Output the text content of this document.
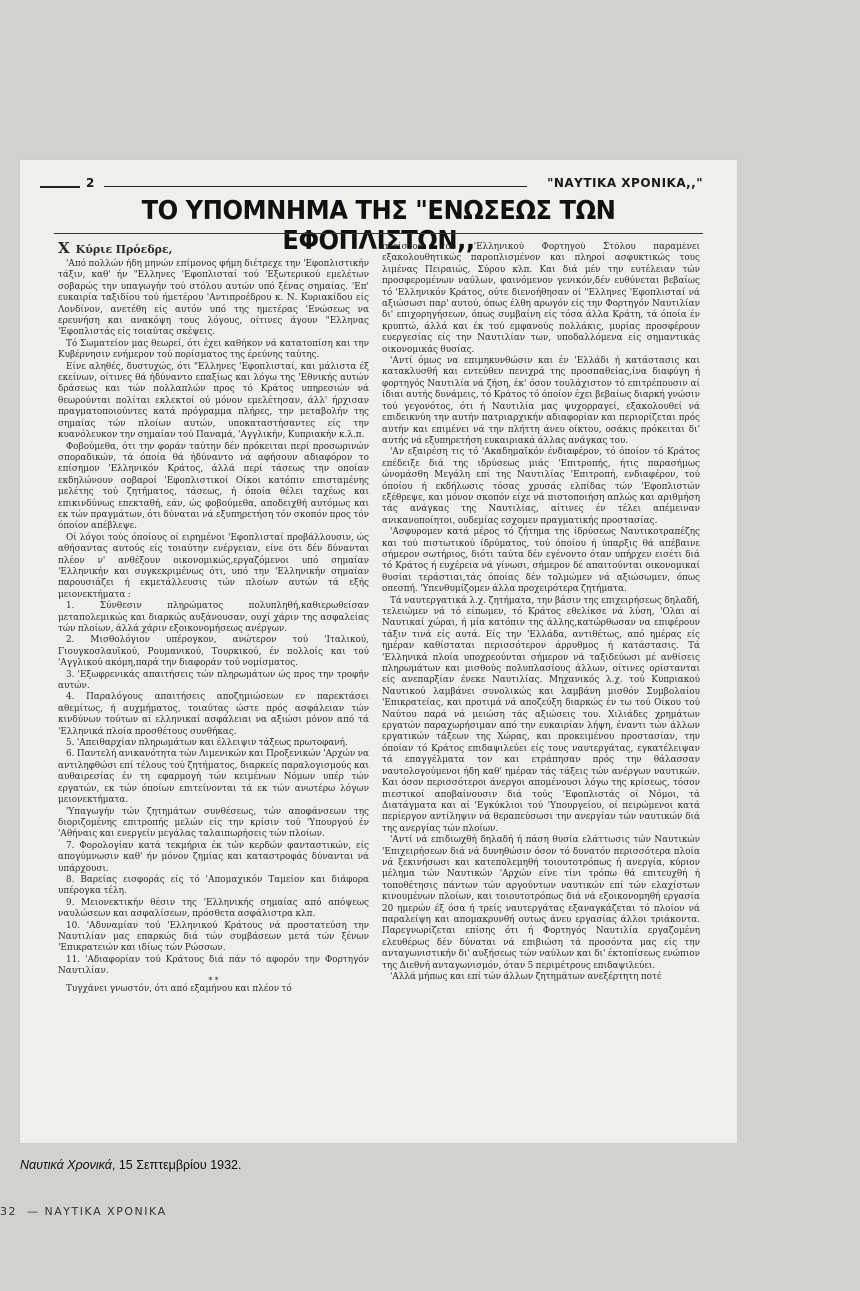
2	"ΝΑΥΤΙΚΑ ΧΡΟΝΙΚΑ,,"
ΤΟ ΥΠΟΜΝΗΜΑ ΤΗΣ "ΕΝΩΣΕΩΣ ΤΩΝ ΕΦΟΠΛΙΣΤΩΝ,,

X Κύριε Πρόεδρε,

'Από πολλών ήδη μηνών επίμονος φήμη διέτρεχε την 'Εφοπλιστικήν τάξιν, καθ' ήν "Ελληνες 'Εφοπλισταί τού 'Εξωτερικού εμελέτων σοβαρώς την υπαγωγήν τού στόλου αυτών υπό ξένας σημαίας. 'Επ' ευκαιρία ταξιδίου τού ήμετέρου 'Αντιπροέδρου κ. Ν. Κυριακίδου είς Λονδίνον, ανετέθη είς αυτόν υπό της ημετέρας 'Ενώσεως να ερευνήση και ανακόψη τους λόγους, οίτινες άγουν "Ελληνας 'Εφοπλιστάς είς τοιαύτας σκέψεις.

Τό Σωματείον μας θεωρεί, ότι έχει καθήκον νά κατατοπίση και την Κυβέρνησιν ενήμερον τού πορίσματος της έρεύνης ταύτης.

Είνε αληθές, δυστυχώς, ότι "Ελληνες 'Εφοπλισταί, και μάλιστα έξ εκείνων, οίτινες θά ήδύναντο επαξίως και λόγω της 'Εθνικής αυτών δράσεως και τών πολλαπλών προς τό Κράτος υπηρεσιών νά θεωρούνται πολίται εκλεκτοί ού μόνον εμελέτησαν, άλλ' ήρχισαν πραγματοποιούντες κατά πρόγραμμα πλήρες, την μεταβολήν της σημαίας τών πλοίων αυτών, υποκαταστήσαντες είς την κυανόλευκον την σημαίαν τού Παναμά, 'Αγγλικήν, Κυπριακήν κ.λ.π.

Φοβούμεθα, ότι την φοράν ταύτην δέν πρόκειται περί προσωρινών σποραδικών, τά όποία θά ήδύναντο νά αφήσουν αδιαφόρον το επίσημον 'Ελληνικόν Κράτος, άλλά περί τάσεως την οποίαν εκδηλώνουν σοβαροί 'Εφοπλιστικοί Οίκοι κατόπιν επισταμένης μελέτης τού ζητήματος, τάσεως, ή όποία θέλει ταχέως και επικινδύνως επεκταθή, εάν, ώς φοβούμεθα, αποδειχθή αυτόμως και εκ τών πραγμάτων, ότι δύναται νά εξυπηρετήση τόν σκοπόν προς τόν όποίον απέβλεψε.

Οί λόγοι τούς όποίους οί ειρημένοι 'Εφοπλισταί προβάλλουσιν, ώς αθήσαντας αυτούς είς τοιαύτην ενέργειαν, είνε ότι δέν δύνανται πλέον ν' ανθέξουν οικονομικώς,εργαζόμενοι υπό σημαίαν 'Ελληνικήν και συγκεκριμένως ότι, υπό την 'Ελληνικήν σημαίαν παρουσιάζει ή εκμετάλλευσις τών πλοίων αυτών τά εξής μειονεκτήματα :

1. Σύνθεσιν πληρώματος πολυπληθή,καθιερωθείσαν μεταπολεμικώς και διαρκώς αυξάνουσαν, ουχί χάριν της ασφαλείας τών πλοίων, άλλά χάριν εξοικονομήσεως ανέργων.

2. Μισθολόγιον υπέρογκον, ανώτερον τού 'Ιταλικού, Γιουγκοσλαυϊκού, Ρουμανικού, Τουρκικού, έν πολλοίς και τού 'Αγγλικού ακόμη,παρά την διαφοράν τού νομίσματος.

3. 'Εξωφρενικάς απαιτήσεις τών πληρωμάτων ώς προς την τροφήν αυτών.

4. Παραλόγους απαιτήσεις αποζημιώσεων εν παρεκτάσει αθεμίτως, ή αυχμήματος, τοιαύτας ώστε πρός ασφάλειαν τών κινδύνων τούτων αί ελληνικαί ασφάλειαι να αξιώσι μόνον από τά 'Ελληνικά πλοία προσθέτους συνθήκας.

5. 'Απειθαρχίαν πληρωμάτων και έλλειψιν τάξεως πρωτοφανή.

6. Παντελή ανικανότητα τών Λιμενικών και Προξενικών 'Αρχών να αντιληφθώσι επί τέλους τού ζητήματος, διαρκείς παραλογισμούς και αυθαιρεσίας έν τη εφαρμογή τών κειμένων Νόμων υπέρ τών εργατών, εκ τών όποίων επιτείνονται τά εκ τών ανωτέρω λόγων μειονεκτήματα.

'Υπαγωγήν τών ζητημάτων συνθέσεως, τών αποφάνσεων της διοριζομένης επιτροπής μελών είς την κρίσιν τού 'Υπουργού έν 'Αθήναις και ενεργείν μεγάλας ταλαιπωρήσεις τών πλοίων.

7. Φορολογίαν κατά τεκμήρια έκ τών κερδών φανταστικών, είς απογύμνωσιν καθ' ήν μόνον ζημίας και καταστροφάς δύνανται νά υπάρχουσι.

8. Βαρείας εισφοράς είς τό 'Απομαχικόν Ταμείον και διάφορα υπέρογκα τέλη.

9. Μειονεκτικήν θέσιν της 'Ελληνικής σημαίας από απόψεως ναυλώσεων και ασφαλίσεων, πρόσθετα ασφάλιστρα κλπ.

10. 'Αδυναμίαν τού 'Ελληνικού Κράτους νά προστατεύση την Ναυτιλίαν μας επαρκώς διά τών συμβάσεων μετά τών ξένων 'Επικρατειών και ιδίως τών Ρώσσων.

11. 'Αδιαφορίαν τού Κράτους διά πάν τό αφορόν την Φορτηγόν Ναυτιλίαν.

* *

Τυγχάνει γνωστόν, ότι από εξαμήνου και πλέον τό

πλείστον τού 'Ελληνικού Φορτηγού Στόλου παραμένει εξακολουθητικώς παροπλισμένον και πληροί ασφυκτικώς τους λιμένας Πειραιώς, Σύρου κλπ. Και διά μέν την ευτέλειαν τών προσφερομένων ναύλων, φαινόμενον γενικόν,δέν ευθύνεται βεβαίως τό 'Ελληνικόν Κράτος, ούτε διενοήθησαν οί "Ελληνες 'Εφοπλισταί νά αξιώσωσι παρ' αυτού, όπως έλθη αρωγόν είς την Φορτηγόν Ναυτιλίαν δι' επιχορηγήσεων, όπως συμβαίνη είς τόσα άλλα Κράτη, τά όποία έν κρυπτώ, άλλά και έκ τού εμφανούς πολλάκις, μυρίας προσφέρουν ευεργεσίας είς την Ναυτιλίαν των, υποδαλλόμενα είς σημαντικάς οικονομικάς θυσίας.

'Αντί όμως να επιμηκυνθώσιν και έν 'Ελλάδι ή κατάστασις και κατακλυσθή και εντεύθεν πενιχρά της προσπαθείας,ίνα διαφύγη ή φορτηγός Ναυτιλία νά ζήση, έκ' όσον τουλάχιστον τό επιτρέπουσιν αί ίδιαι αυτής δυνάμεις, τό Κράτος τό όποίον έχει βεβαίως διαρκή γνώσιν τού γεγονότος, ότι ή Ναυτιλία μας ψυχορραγεί, εξακολουθεί νά επιδεικνύη την αυτήν πατριαρχικήν αδιαφορίαν και περιορίζεται πρός αυτήν και επιμένει νά την πλήττη άνευ οίκτου, οσάκις πρόκειται δι' αυτής νά εξυπηρετήση ευκαιριακά άλλας ανάγκας του.

'Αν εξαιρέση τις τό 'Ακαδημαϊκόν ένδιαφέρον, τό όποίον τό Κράτος επέδειξε διά της ιδρύσεως μιάς 'Επιτροπής, ήτις παρασήμως ώνομάσθη Μεγάλη επί της Ναυτιλίας 'Επιτροπή, ενδιαφέρον, τού όποίου ή εκδήλωσις τόσας χρυσάς ελπίδας τών 'Εφοπλιστών εξέθρεψε, και μόνον σκοπόν είχε νά πιστοποιήση απλώς και αριθμήση τάς ανάγκας της Ναυτιλίας, αίτινες έν τέλει απέμειναν ανικανοποίητοι, ουδεμίας εσχομεν πραγματικής προστασίας.

'Ασφυρομεν κατά μέρος τό ζήτημα της ίδρύσεως Ναυτικοτραπέζης και τού πιστωτικού ίδρύματος, τού όποίου ή ύπαρξις θά απέβαινε σήμερον σωτήριος, διότι ταύτα δέν εγένοντο όταν υπήρχεν εισέτι διά τό Κράτος ή ευχέρεια νά γίνωσι, σήμερον δέ απαιτούνται οικονομικαί θυσίαι τεράστιαι,τάς όποίας δέν τολμώμεν νά αξιώσωμεν, όπως οπεσπή. 'Υπενθυμίζομεν άλλα προχειρότερα ζητήματα.

Τά ναυτεργατικά λ.χ. ζητήματα, την βάσιν της επιχειρήσεως δηλαδή, τελειώμεν νά τό είπωμεν, τό Κράτος εθελίκσε νά λύση, 'Ολαι αί Ναυτικαί χώραι, ή μία κατόπιν της άλλης,κατώρθωσαν να επιφέρουν τάξιν τινά είς αυτά. Είς την 'Ελλάδα, αντιθέτως, από ημέρας είς ημέραν καθίσταται περισσότερον άρρυθμος ή κατάστασις. Τά 'Ελληνικά πλοία υποχρεούνται σήμερον νά ταξιδεύωσι μέ ανθίσεις πληρωμάτων και μισθούς πολυπλασίους άλλων, οίτινες ορίστανται είς ανεπαρξίαν ένεκε Ναυτιλίας. Μηχανικός λ.χ. τού Κυπριακού Ναυτικού λαμβάνει συνολικώς και λαμβάνη μισθόν Συμβολαίου 'Επικρατείας, και προτιμά νά αποζεύξη διαρκώς έν τω τού Οίκου τού Ναύτου παρά νά μειώση τάς αξιώσεις του. Χιλιάδες χρημάτων εργατών παραχωρήσιμαν από την ευκαιρίαν λήψη, έναντι τών άλλων εργατικών τάξεων της Χώρας, και προκειμένου προστασίαν, την όποίαν τό Κράτος επιδαψιλεύει είς τους ναυτεργάτας, εγκατέλειψαν τά επαγγέλματα τον και ετράπησαν πρός την θάλασσαν ναυτολογούμενοι ήδη καθ' ημέραν τάς τάξεις τών ανέργων ναυτικών. Και όσον περισσότεροι άνεργοι απομένουσι λόγω της κρίσεως, τόσον πιεστικοί αποβαίνουσιν διά τούς 'Εφοπλιστάς οί Νόμοι, τά Διατάγματα και αί 'Εγκύκλιοι τού 'Υπουργείου, οί πειρώμενοι κατά περίεργον αντίληψιν νά θεραπεύσωσι την ανεργίαν τών ναυτικών διά της ανεργίας τών πλοίων.

'Αντί νά επιδιωχθή δηλαδή ή πάση θυσία ελάττωσις τών Ναυτικών 'Επιχειρήσεων διά νά δυνηθώσιν όσον τό δυνατόν περισσότερα πλοία νά ξεκινήσωσι και κατεπολεμηθή τοιουτοτρόπως ή ανεργία, κύριον μέλημα τών Ναυτικών 'Αρχών είνε τίνι τρόπω θά επιτευχθή ή τοποθέτησις πάντων τών αργούντων ναυτικών επί τών ελαχίστων κινουμένων πλοίων, και τοιουτοτρόπως διά νά εξοικονομηθή εργασία 20 ημερών έξ όσα ή τρείς ναυτεργάτας εξαναγκάζεται τό πλοίον νά παραλείψη και απομακρυνθή ουτως άνευ εργασίας άλλοι τριάκοντα. Παρεγνωρίζεται επίσης ότι ή Φορτηγός Ναυτιλία εργαζομένη ελευθέρως δέν δύναται νά επιβιώση τά προσόντα μας είς την ανταγωνιστικήν δι' αυξήσεως τών ναύλων και δι' έκτοπίσεως ενώπιον της Διεθνή ανταγωνισμόν, όταν 5 περιμέτρους επιδαψιλεύει.

'Αλλά μήπως και επί τών άλλων ζητημάτων ανεξέρτητη ποτέ

Ναυτικά Χρονικά, 15 Σεπτεμβρίου 1932.
32 — ΝΑΥΤΙΚΑ ΧΡΟΝΙΚΑ
